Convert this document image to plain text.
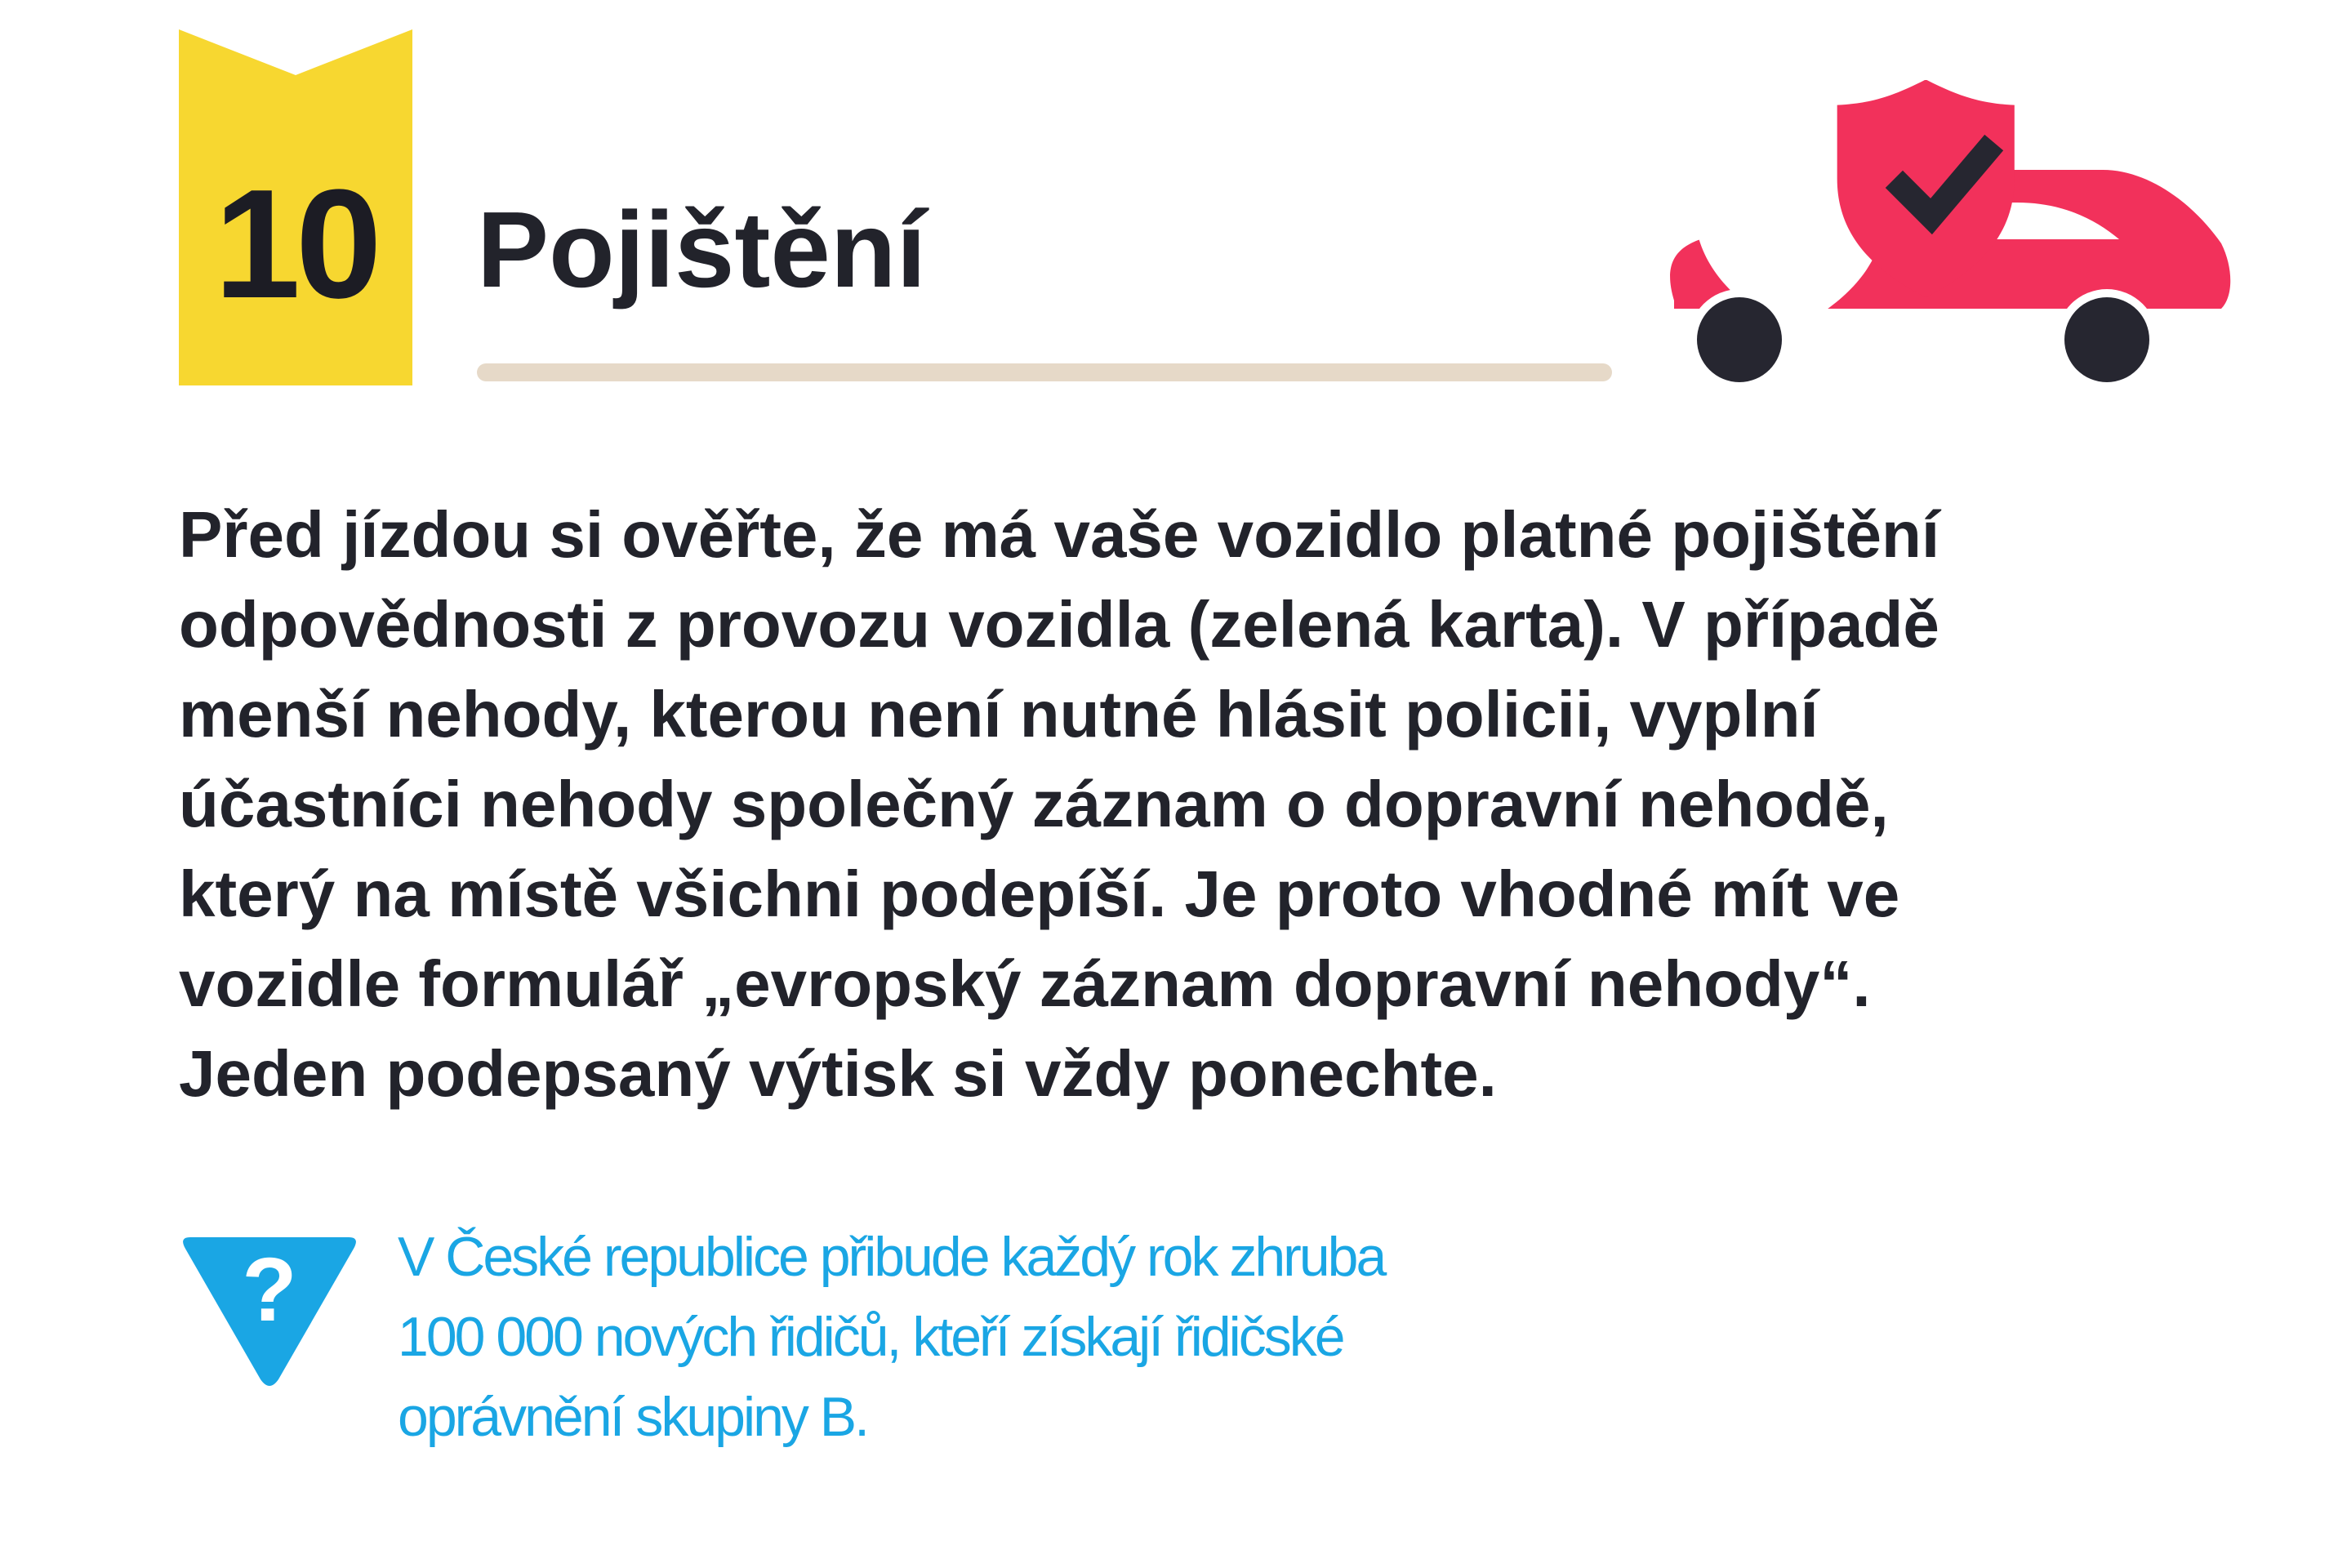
10 Pojištění

Před jízdou si ověřte, že má vaše vozidlo platné pojištění
odpovědnosti z provozu vozidla (zelená karta). V případě
menší nehody, kterou není nutné hlásit policii, vyplní
účastníci nehody společný záznam o dopravní nehodě,
který na místě všichni podepíší. Je proto vhodné mít ve
vozidle formulář „evropský záznam dopravní nehody“.
Jeden podepsaný výtisk si vždy ponechte.

? V České republice přibude každý rok zhruba
100 000 nových řidičů, kteří získají řidičské
oprávnění skupiny B.
